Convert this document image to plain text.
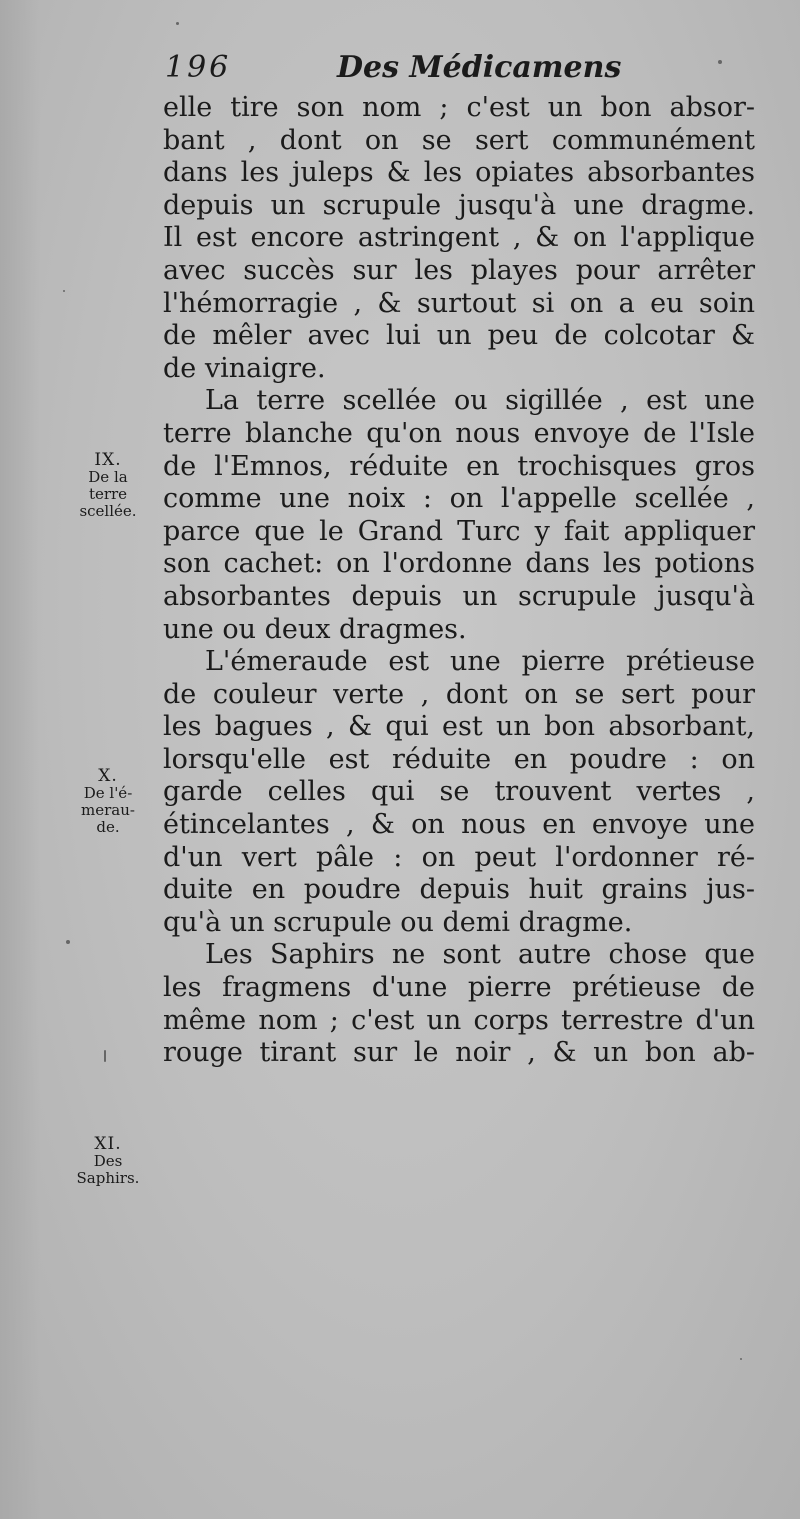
196	Des Médicamens
elle tire son nom ; c'est un bon absor-
bant , dont on se sert communément
dans les juleps & les opiates absorbantes
depuis un scrupule jusqu'à une dragme.
Il est encore astringent , & on l'applique
avec succès sur les playes pour arrêter
l'hémorragie , & surtout si on a eu soin
de mêler avec lui un peu de colcotar &
de vinaigre.
La terre scellée ou sigillée , est une
terre blanche qu'on nous envoye de l'Isle
de l'Emnos, réduite en trochisques gros
comme une noix : on l'appelle scellée ,
parce que le Grand Turc y fait appliquer
son cachet: on l'ordonne dans les potions
absorbantes depuis un scrupule jusqu'à
une ou deux dragmes.
L'émeraude est une pierre prétieuse
de couleur verte , dont on se sert pour
les bagues , & qui est un bon absorbant,
lorsqu'elle est réduite en poudre : on
garde celles qui se trouvent vertes ,
étincelantes , & on nous en envoye une
d'un vert pâle : on peut l'ordonner ré-
duite en poudre depuis huit grains jus-
qu'à un scrupule ou demi dragme.
Les Saphirs ne sont autre chose que
les fragmens d'une pierre prétieuse de
même nom ; c'est un corps terrestre d'un
rouge tirant sur le noir , & un bon ab-
IX.
De la
terre
scellée.
X.
De l'é-
merau-
de.
XI.
Des
Saphirs.
